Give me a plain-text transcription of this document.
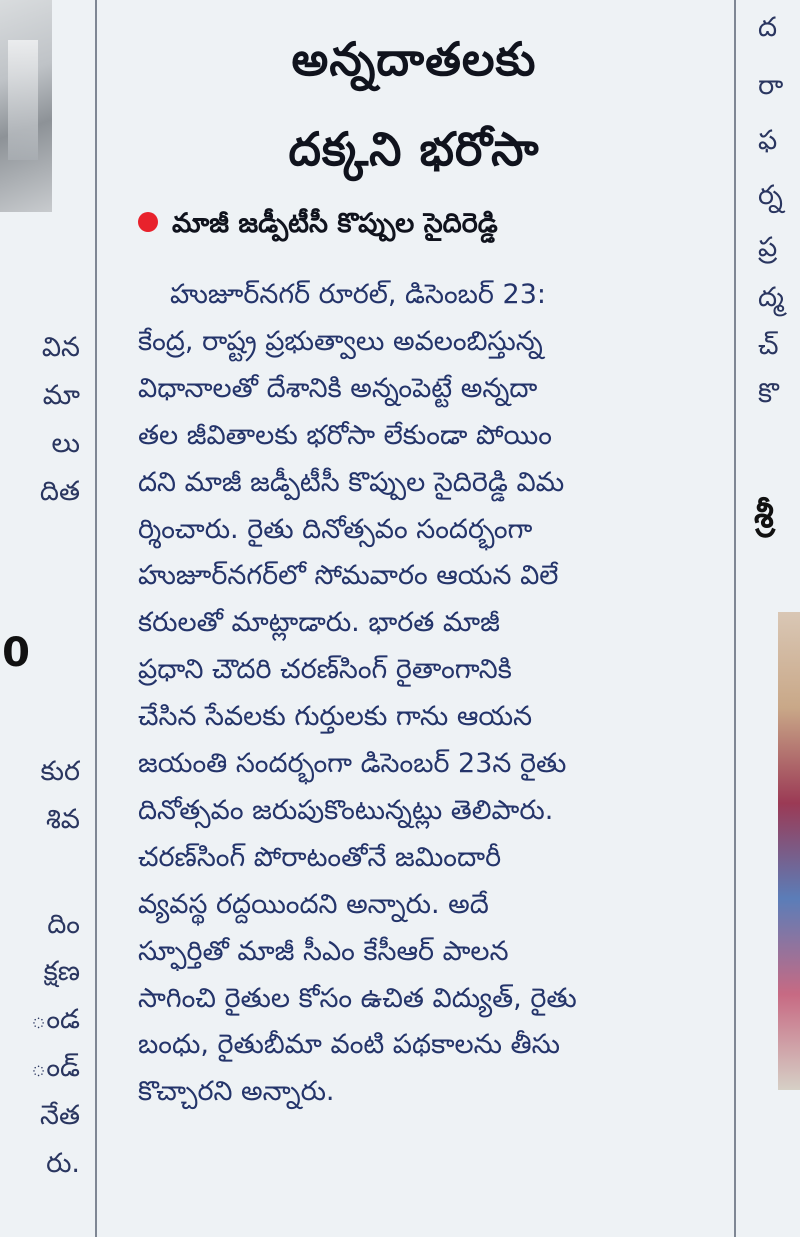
విన
మా
లు
దిత
0
కుర
శివ
దిం
క్షణ
ండ
ండ్
నేత
రు.
అన్నదాతలకు
దక్కని భరోసా
మాజీ జడ్పీటీసీ కొప్పుల సైదిరెడ్డి
హుజూర్‌నగర్ రూరల్, డిసెంబర్ 23:
కేంద్ర, రాష్ట్ర ప్రభుత్వాలు అవలంబిస్తున్న
విధానాలతో దేశానికి అన్నంపెట్టే అన్నదా
తల జీవితాలకు భరోసా లేకుండా పోయిం
దని మాజీ జడ్పీటీసీ కొప్పుల సైదిరెడ్డి విమ
ర్శించారు. రైతు దినోత్సవం సందర్భంగా
హుజూర్‌నగర్‌లో సోమవారం ఆయన విలే
కరులతో మాట్లాడారు. భారత మాజీ
ప్రధాని చౌదరి చరణ్‌సింగ్ రైతాంగానికి
చేసిన సేవలకు గుర్తులకు గాను ఆయన
జయంతి సందర్భంగా డిసెంబర్ 23న రైతు
దినోత్సవం జరుపుకొంటున్నట్లు తెలిపారు.
చరణ్‌సింగ్ పోరాటంతోనే జమిందారీ
వ్యవస్థ రద్దయిందని అన్నారు. అదే
స్ఫూర్తితో మాజీ సీఎం కేసీఆర్ పాలన
సాగించి రైతుల కోసం ఉచిత విద్యుత్, రైతు
బంధు, రైతుబీమా వంటి పథకాలను తీసు
కొచ్చారని అన్నారు.
ద
రా
ఫ
ర్న
ప్ర
ద్మ
చ్
కొ
శ్రీ
